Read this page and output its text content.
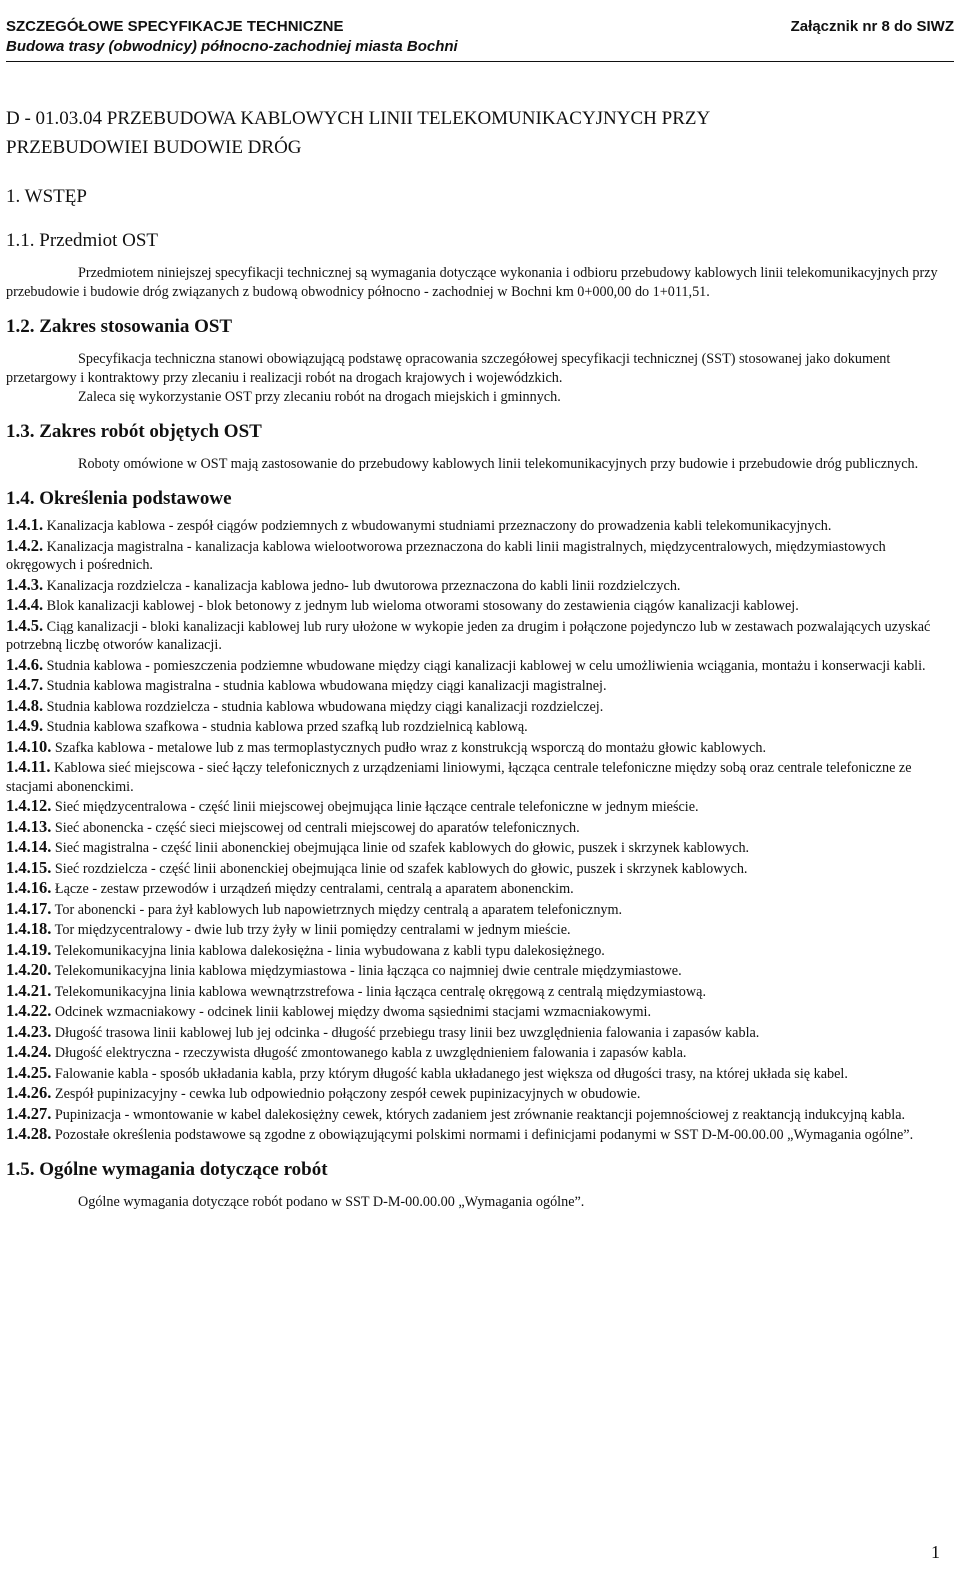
SZCZEGÓŁOWE SPECYFIKACJE TECHNICZNE
Budowa trasy (obwodnicy) północno-zachodniej miasta Bochni
Załącznik nr 8 do SIWZ
D - 01.03.04 PRZEBUDOWA KABLOWYCH LINII TELEKOMUNIKACYJNYCH PRZY
PRZEBUDOWIEI BUDOWIE DRÓG
1. WSTĘP
1.1. Przedmiot OST

Przedmiotem niniejszej specyfikacji technicznej są wymagania dotyczące wykonania i odbioru przebudowy kablowych linii telekomunikacyjnych przy przebudowie i budowie dróg związanych z budową obwodnicy północno - zachodniej w Bochni km 0+000,00 do 1+011,51.

1.2. Zakres stosowania OST

Specyfikacja techniczna stanowi obowiązującą podstawę opracowania szczegółowej specyfikacji technicznej (SST) stosowanej jako dokument przetargowy i kontraktowy przy zlecaniu i realizacji robót na drogach krajowych i wojewódzkich.

Zaleca się wykorzystanie OST przy zlecaniu robót na drogach miejskich i gminnych.

1.3. Zakres robót objętych OST

Roboty omówione w OST mają zastosowanie do przebudowy kablowych linii telekomunikacyjnych przy budowie i przebudowie dróg publicznych.

1.4. Określenia podstawowe

1.4.1. Kanalizacja kablowa - zespół ciągów podziemnych z wbudowanymi studniami przeznaczony do prowadzenia kabli telekomunikacyjnych.

1.4.2. Kanalizacja magistralna - kanalizacja kablowa wielootworowa przeznaczona do kabli linii magistralnych, międzycentralowych, międzymiastowych okręgowych i pośrednich.

1.4.3. Kanalizacja rozdzielcza - kanalizacja kablowa jedno- lub dwutorowa przeznaczona do kabli linii rozdzielczych.

1.4.4. Blok kanalizacji kablowej - blok betonowy z jednym lub wieloma otworami stosowany do zestawienia ciągów kanalizacji kablowej.

1.4.5. Ciąg kanalizacji - bloki kanalizacji kablowej lub rury ułożone w wykopie jeden za drugim i połączone pojedynczo lub w zestawach pozwalających uzyskać potrzebną liczbę otworów kanalizacji.

1.4.6. Studnia kablowa - pomieszczenia podziemne wbudowane między ciągi kanalizacji kablowej w celu umożliwienia wciągania, montażu i konserwacji kabli.

1.4.7. Studnia kablowa magistralna - studnia kablowa wbudowana między ciągi kanalizacji magistralnej.

1.4.8. Studnia kablowa rozdzielcza - studnia kablowa wbudowana między ciągi kanalizacji rozdzielczej.

1.4.9. Studnia kablowa szafkowa - studnia kablowa przed szafką lub rozdzielnicą kablową.

1.4.10. Szafka kablowa - metalowe lub z mas termoplastycznych pudło wraz z konstrukcją wsporczą do montażu głowic kablowych.

1.4.11. Kablowa sieć miejscowa - sieć łączy telefonicznych z urządzeniami liniowymi, łącząca centrale telefoniczne między sobą oraz centrale telefoniczne ze stacjami abonenckimi.

1.4.12. Sieć międzycentralowa - część linii miejscowej obejmująca linie łączące centrale telefoniczne w jednym mieście.

1.4.13. Sieć abonencka - część sieci miejscowej od centrali miejscowej do aparatów telefonicznych.

1.4.14. Sieć magistralna - część linii abonenckiej obejmująca linie od szafek kablowych do głowic, puszek i skrzynek kablowych.

1.4.15. Sieć rozdzielcza - część linii abonenckiej obejmująca linie od szafek kablowych do głowic, puszek i skrzynek kablowych.

1.4.16. Łącze - zestaw przewodów i urządzeń między centralami, centralą a aparatem abonenckim.

1.4.17. Tor abonencki - para żył kablowych lub napowietrznych między centralą a aparatem telefonicznym.

1.4.18. Tor międzycentralowy - dwie lub trzy żyły w linii pomiędzy centralami w jednym mieście.

1.4.19. Telekomunikacyjna linia kablowa dalekosiężna - linia wybudowana z kabli typu dalekosiężnego.

1.4.20. Telekomunikacyjna linia kablowa międzymiastowa - linia łącząca co najmniej dwie centrale międzymiastowe.

1.4.21. Telekomunikacyjna linia kablowa wewnątrzstrefowa - linia łącząca centralę okręgową z centralą międzymiastową.

1.4.22. Odcinek wzmacniakowy - odcinek linii kablowej między dwoma sąsiednimi stacjami wzmacniakowymi.

1.4.23. Długość trasowa linii kablowej lub jej odcinka - długość przebiegu trasy linii bez uwzględnienia falowania i zapasów kabla.

1.4.24. Długość elektryczna - rzeczywista długość zmontowanego kabla z uwzględnieniem falowania i zapasów kabla.

1.4.25. Falowanie kabla - sposób układania kabla, przy którym długość kabla układanego jest większa od długości trasy, na której układa się kabel.

1.4.26. Zespół pupinizacyjny - cewka lub odpowiednio połączony zespół cewek pupinizacyjnych w obudowie.

1.4.27. Pupinizacja - wmontowanie w kabel dalekosiężny cewek, których zadaniem jest zrównanie reaktancji pojemnościowej z reaktancją indukcyjną kabla.

1.4.28. Pozostałe określenia podstawowe są zgodne z obowiązującymi polskimi normami i definicjami podanymi w SST D-M-00.00.00 „Wymagania ogólne”.

1.5. Ogólne wymagania dotyczące robót

Ogólne wymagania dotyczące robót podano w SST D-M-00.00.00 „Wymagania ogólne”.

1
